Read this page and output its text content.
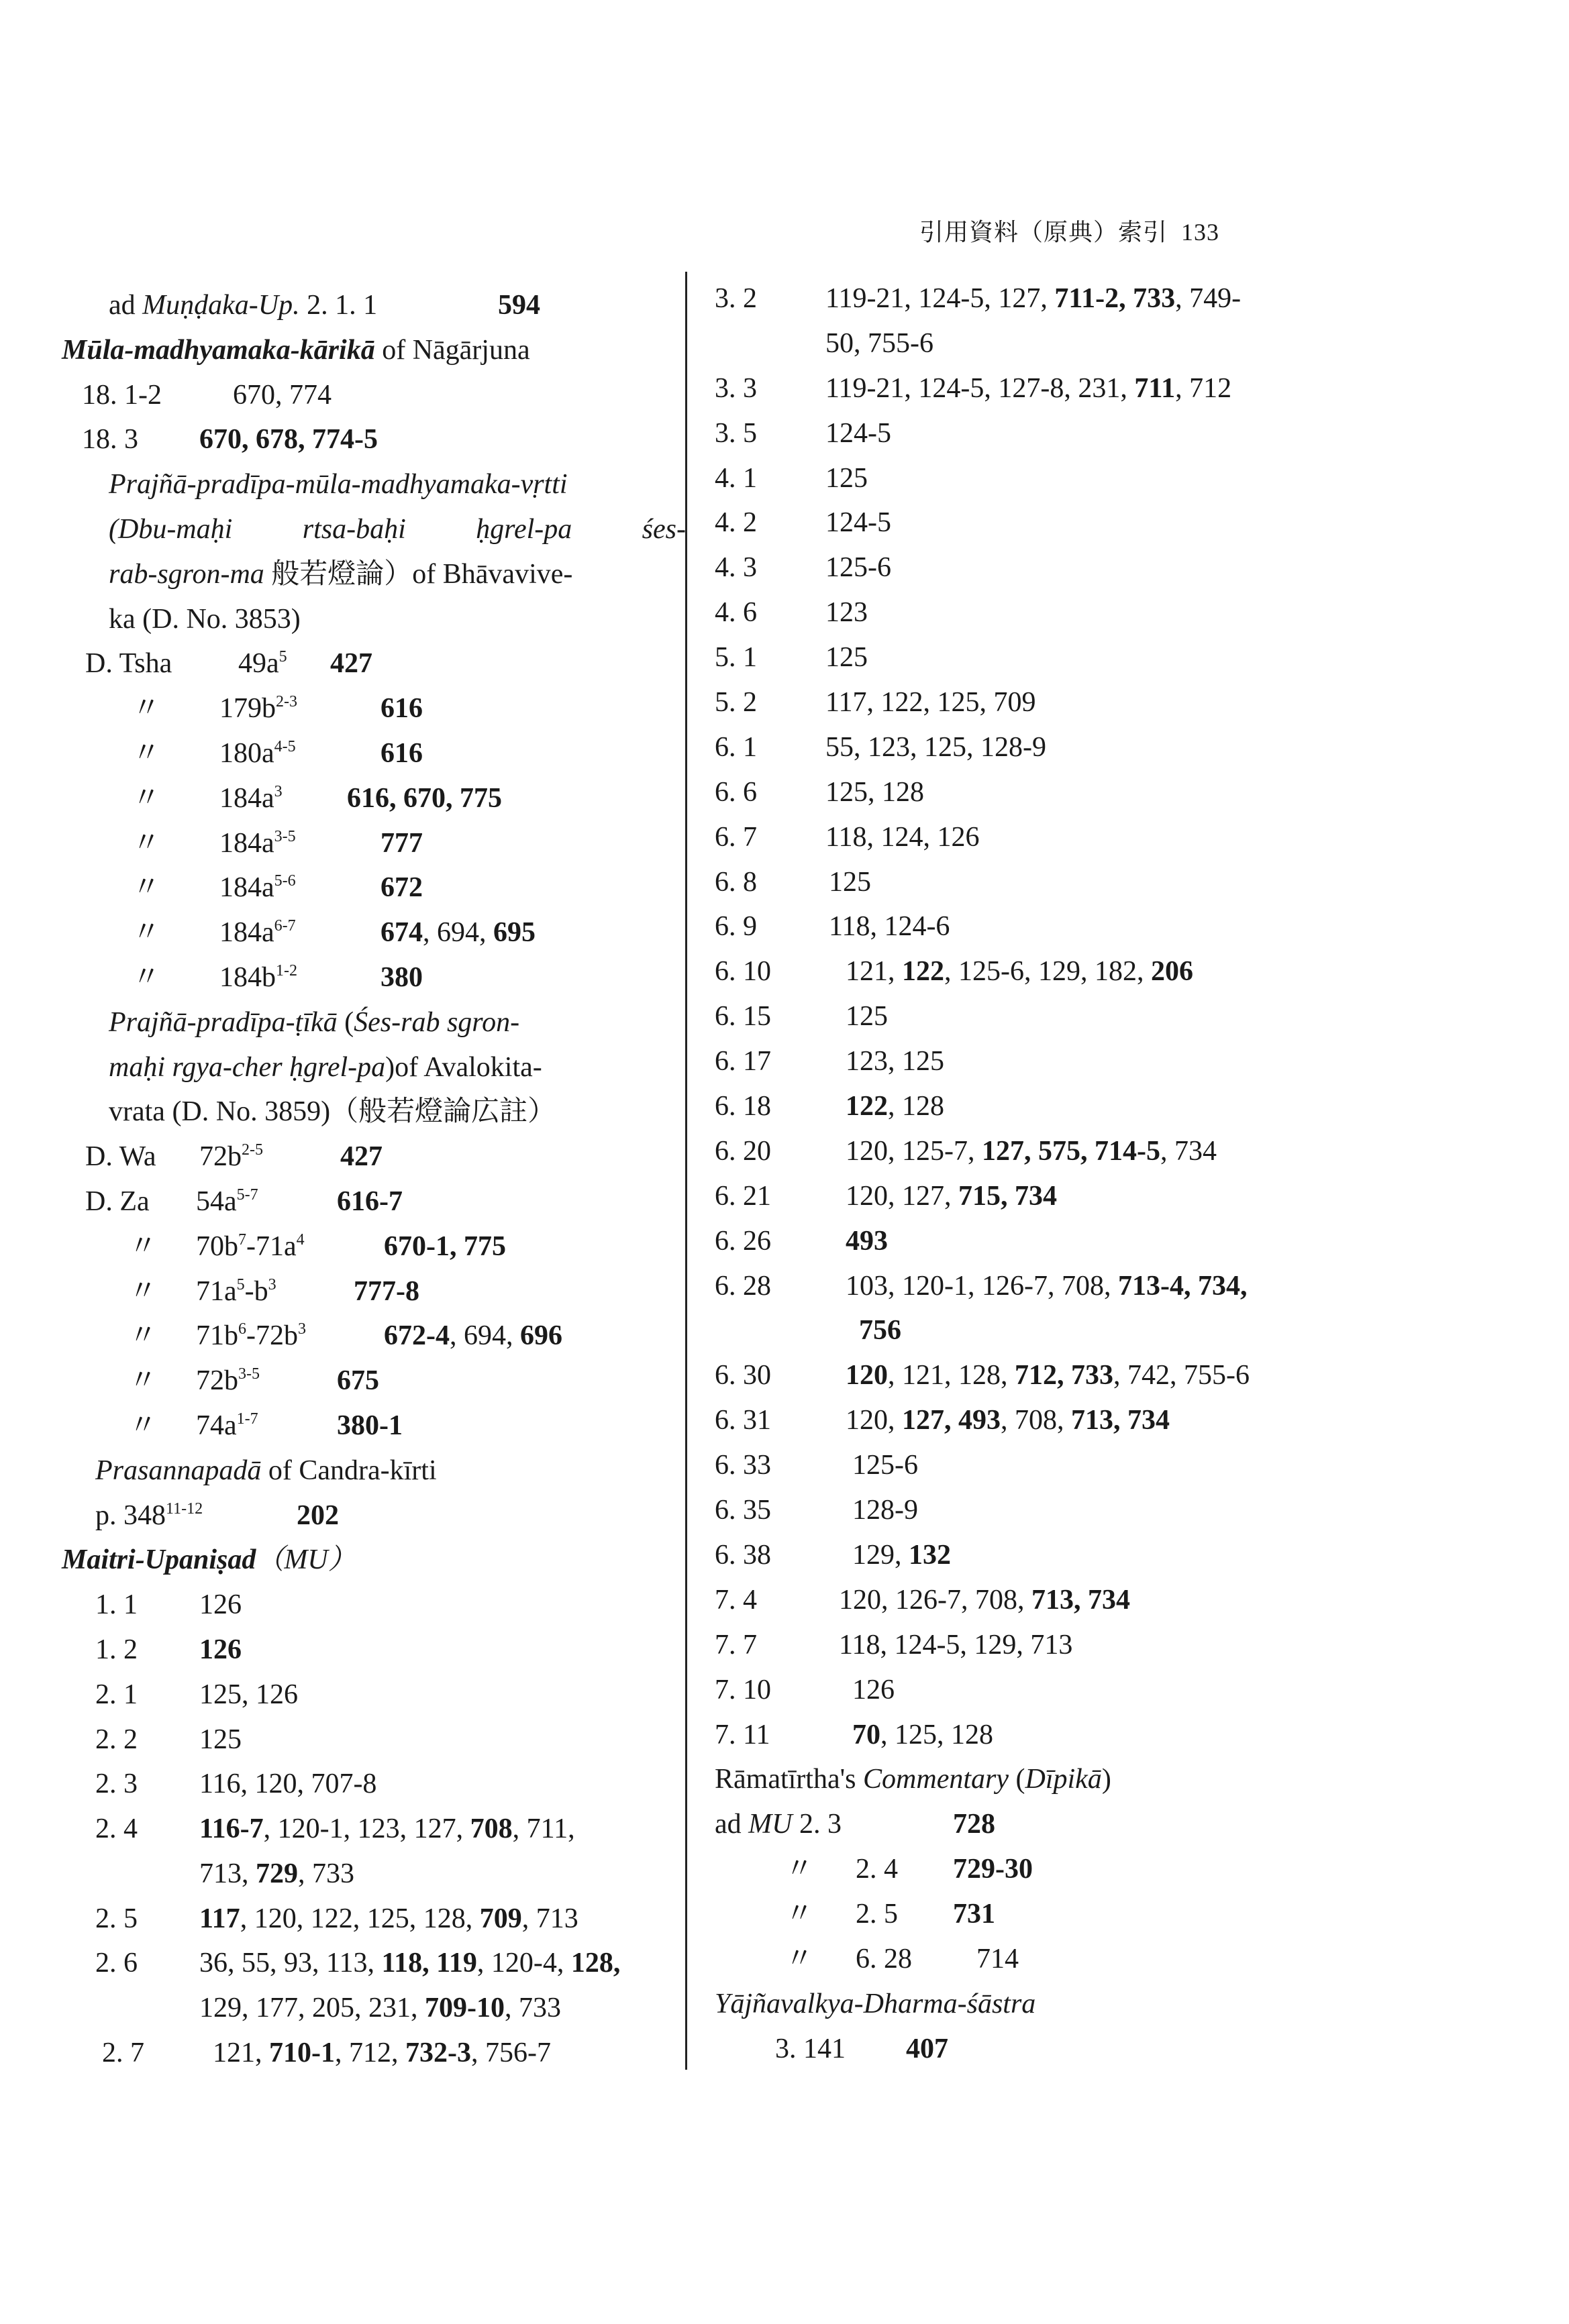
引用資料（原典）索引 133
ad Muṇḍaka-Up. 2. 1. 1	594
Mūla-madhyamaka-kārikā of Nāgārjuna
18. 1-2	670, 774
18. 3 670, 678, 774-5
Prajñā-pradīpa-mūla-madhyamaka-vṛtti
(Dbu-maḥi rtsa-baḥi ḥgrel-pa śes-
rab-sgron-ma 般若燈論）of Bhāvavive-
ka (D. No. 3853)
D. Tsha $49a^5$ 427
〃 $179b^{2-3}$	616
〃 $180a^{4-5}$	616
〃 $184a^3$ 616, 670, 775
〃 $184a^{3-5}$	777
〃 $184a^{5-6}$	672
〃 $184a^{6-7}$	674, 694, 695
〃 $184b^{1-2}$	380
Prajñā-pradīpa-ṭīkā (Śes-rab sgron-
maḥi rgya-cher ḥgrel-pa)of Avalokita-
vrata (D. No. 3859)（般若燈論広註）
D. Wa $72b^{2-5}$	427
D. Za $54a^{5-7}$	616-7
〃 $70b^7-71a^4$	670-1, 775
〃 $71a^5-b^3$	777-8
〃 $71b^6-72b^3$	672-4, 694, 696
〃 $72b^{3-5}$	675
〃 $74a^{1-7}$	380-1
Prasannapadā of Candra-kīrti
p. 348$^{11-12}$	202
Maitri-Upaniṣad（MU）
1. 1 126
1. 2 126
2. 1 125, 126
2. 2 125
2. 3 116, 120, 707-8
2. 4 116-7, 120-1, 123, 127, 708, 711,
713, 729, 733
2. 5 117, 120, 122, 125, 128, 709, 713
2. 6 36, 55, 93, 113, 118, 119, 120-4, 128,
129, 177, 205, 231, 709-10, 733
2. 7 121, 710-1, 712, 732-3, 756-7
3. 2 119-21, 124-5, 127, 711-2, 733, 749-
50, 755-6
3. 3 119-21, 124-5, 127-8, 231, 711, 712
3. 5 124-5
4. 1 125
4. 2 124-5
4. 3 125-6
4. 6 123
5. 1 125
5. 2 117, 122, 125, 709
6. 1 55, 123, 125, 128-9
6. 6 125, 128
6. 7 118, 124, 126
6. 8	125
6. 9	118, 124-6
6. 10	121, 122, 125-6, 129, 182, 206
6. 15	125
6. 17	123, 125
6. 18	122, 128
6. 20	120, 125-7, 127, 575, 714-5, 734
6. 21	120, 127, 715, 734
6. 26	493
6. 28	103, 120-1, 126-7, 708, 713-4, 734,
756
6. 30	120, 121, 128, 712, 733, 742, 755-6
6. 31	120, 127, 493, 708, 713, 734
6. 33	125-6
6. 35	128-9
6. 38	129, 132
7. 4	120, 126-7, 708, 713, 734
7. 7	118, 124-5, 129, 713
7. 10	126
7. 11	70, 125, 128
Rāmatīrtha's Commentary (Dīpikā)
ad MU 2. 3	728
〃 2. 4 729-30
〃 2. 5 731
〃 6. 28 714
Yājñavalkya-Dharma-śāstra
3. 141 407
